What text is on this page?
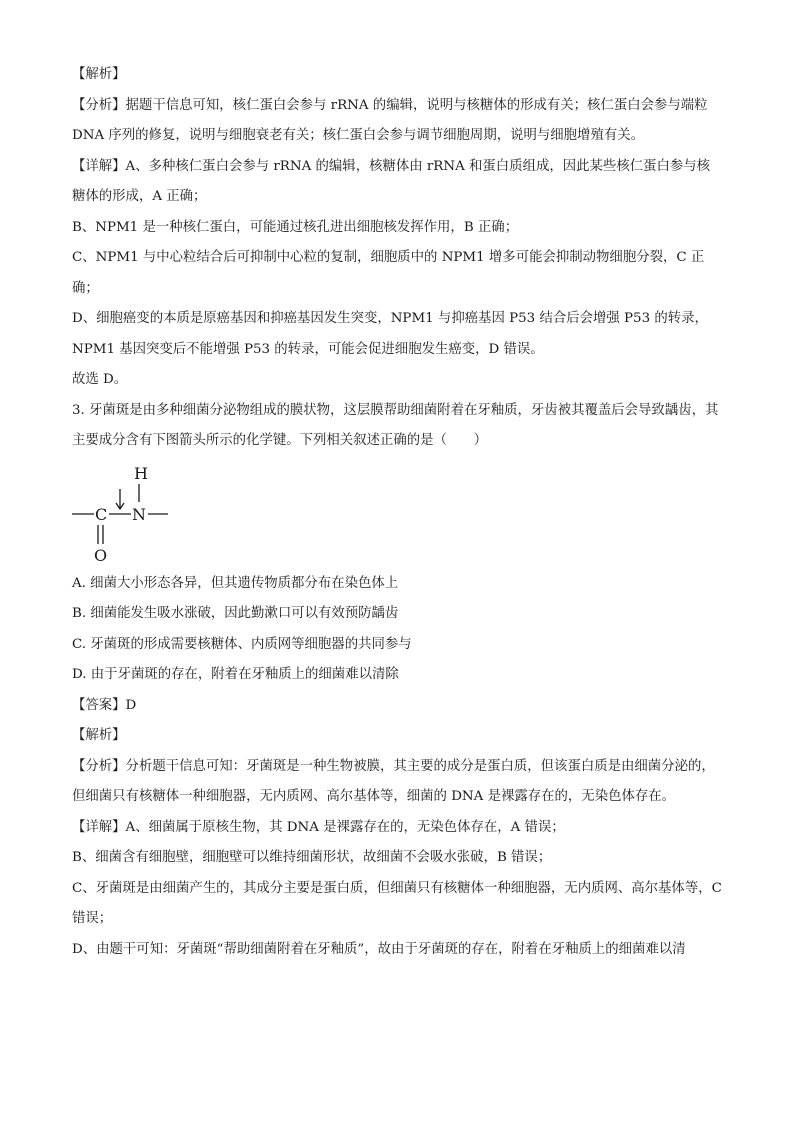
【解析】

【分析】据题干信息可知，核仁蛋白会参与 rRNA 的编辑，说明与核糖体的形成有关；核仁蛋白会参与端粒 DNA 序列的修复，说明与细胞衰老有关；核仁蛋白会参与调节细胞周期，说明与细胞增殖有关。

【详解】A、多种核仁蛋白会参与 rRNA 的编辑，核糖体由 rRNA 和蛋白质组成，因此某些核仁蛋白参与核糖体的形成，A 正确；

B、NPM1 是一种核仁蛋白，可能通过核孔进出细胞核发挥作用，B 正确；

C、NPM1 与中心粒结合后可抑制中心粒的复制，细胞质中的 NPM1 增多可能会抑制动物细胞分裂，C 正确；

D、细胞癌变的本质是原癌基因和抑癌基因发生突变，NPM1 与抑癌基因 P53 结合后会增强 P53 的转录，NPM1 基因突变后不能增强 P53 的转录，可能会促进细胞发生癌变，D 错误。

故选 D。

3. 牙菌斑是由多种细菌分泌物组成的膜状物，这层膜帮助细菌附着在牙釉质，牙齿被其覆盖后会导致龋齿，其主要成分含有下图箭头所示的化学键。下列相关叙述正确的是（　　）

C N
H
O

A. 细菌大小形态各异，但其遗传物质都分布在染色体上

B. 细菌能发生吸水涨破，因此勤漱口可以有效预防龋齿

C. 牙菌斑的形成需要核糖体、内质网等细胞器的共同参与

D. 由于牙菌斑的存在，附着在牙釉质上的细菌难以清除

【答案】D

【解析】

【分析】分析题干信息可知：牙菌斑是一种生物被膜，其主要的成分是蛋白质，但该蛋白质是由细菌分泌的，但细菌只有核糖体一种细胞器，无内质网、高尔基体等，细菌的 DNA 是裸露存在的，无染色体存在。

【详解】A、细菌属于原核生物，其 DNA 是裸露存在的，无染色体存在，A 错误；

B、细菌含有细胞壁，细胞壁可以维持细菌形状，故细菌不会吸水张破，B 错误；

C、牙菌斑是由细菌产生的，其成分主要是蛋白质，但细菌只有核糖体一种细胞器，无内质网、高尔基体等，C 错误；

D、由题干可知：牙菌斑“帮助细菌附着在牙釉质”，故由于牙菌斑的存在，附着在牙釉质上的细菌难以清
